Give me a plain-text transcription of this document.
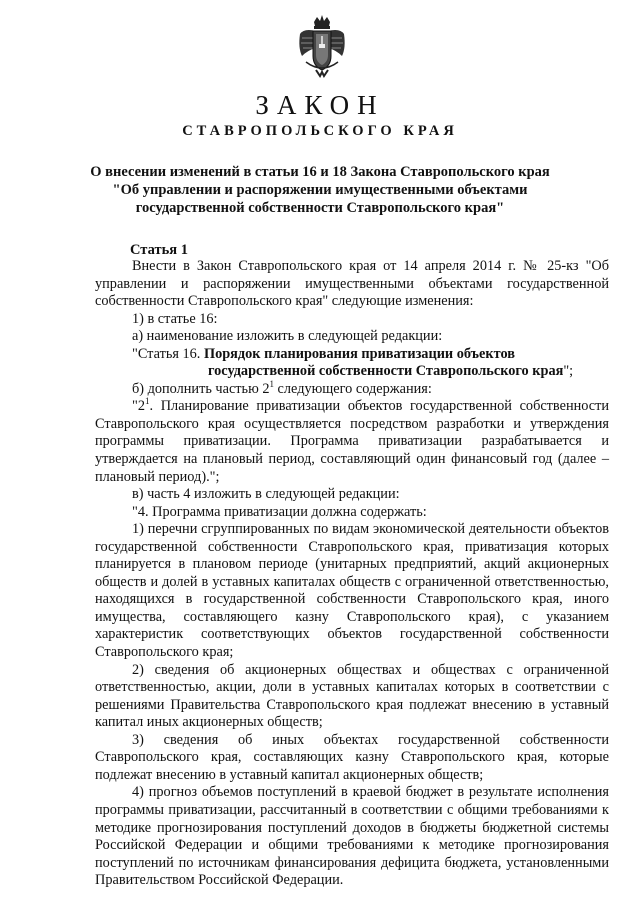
ЗАКОН
СТАВРОПОЛЬСКОГО КРАЯ
О внесении изменений в статьи 16 и 18 Закона Ставропольского края
"Об управлении и распоряжении имущественными объектами
государственной собственности Ставропольского края"
Статья 1

Внести в Закон Ставропольского края от 14 апреля 2014 г. № 25-кз "Об управлении и распоряжении имущественными объектами государственной собственности Ставропольского края" следующие изменения:

1) в статье 16:

а) наименование изложить в следующей редакции:

"Статья 16. Порядок планирования приватизации объектов

государственной собственности Ставропольского края";

б) дополнить частью $2^1$ следующего содержания:

"$2^1$. Планирование приватизации объектов государственной собственности Ставропольского края осуществляется посредством разработки и утверждения программы приватизации. Программа приватизации разрабатывается и утверждается на плановый период, составляющий один финансовый год (далее – плановый период).";

в) часть 4 изложить в следующей редакции:

"4. Программа приватизации должна содержать:

1) перечни сгруппированных по видам экономической деятельности объектов государственной собственности Ставропольского края, приватизация которых планируется в плановом периоде (унитарных предприятий, акций акционерных обществ и долей в уставных капиталах обществ с ограниченной ответственностью, находящихся в государственной собственности Ставропольского края, иного имущества, составляющего казну Ставропольского края), с указанием характеристик соответствующих объектов государственной собственности Ставропольского края;

2) сведения об акционерных обществах и обществах с ограниченной ответственностью, акции, доли в уставных капиталах которых в соответствии с решениями Правительства Ставропольского края подлежат внесению в уставный капитал иных акционерных обществ;

3) сведения об иных объектах государственной собственности Ставропольского края, составляющих казну Ставропольского края, которые подлежат внесению в уставный капитал акционерных обществ;

4) прогноз объемов поступлений в краевой бюджет в результате исполнения программы приватизации, рассчитанный в соответствии с общими требованиями к методике прогнозирования поступлений доходов в бюджеты бюджетной системы Российской Федерации и общими требованиями к методике прогнозирования поступлений по источникам финансирования дефицита бюджета, установленными Правительством Российской Федерации.
